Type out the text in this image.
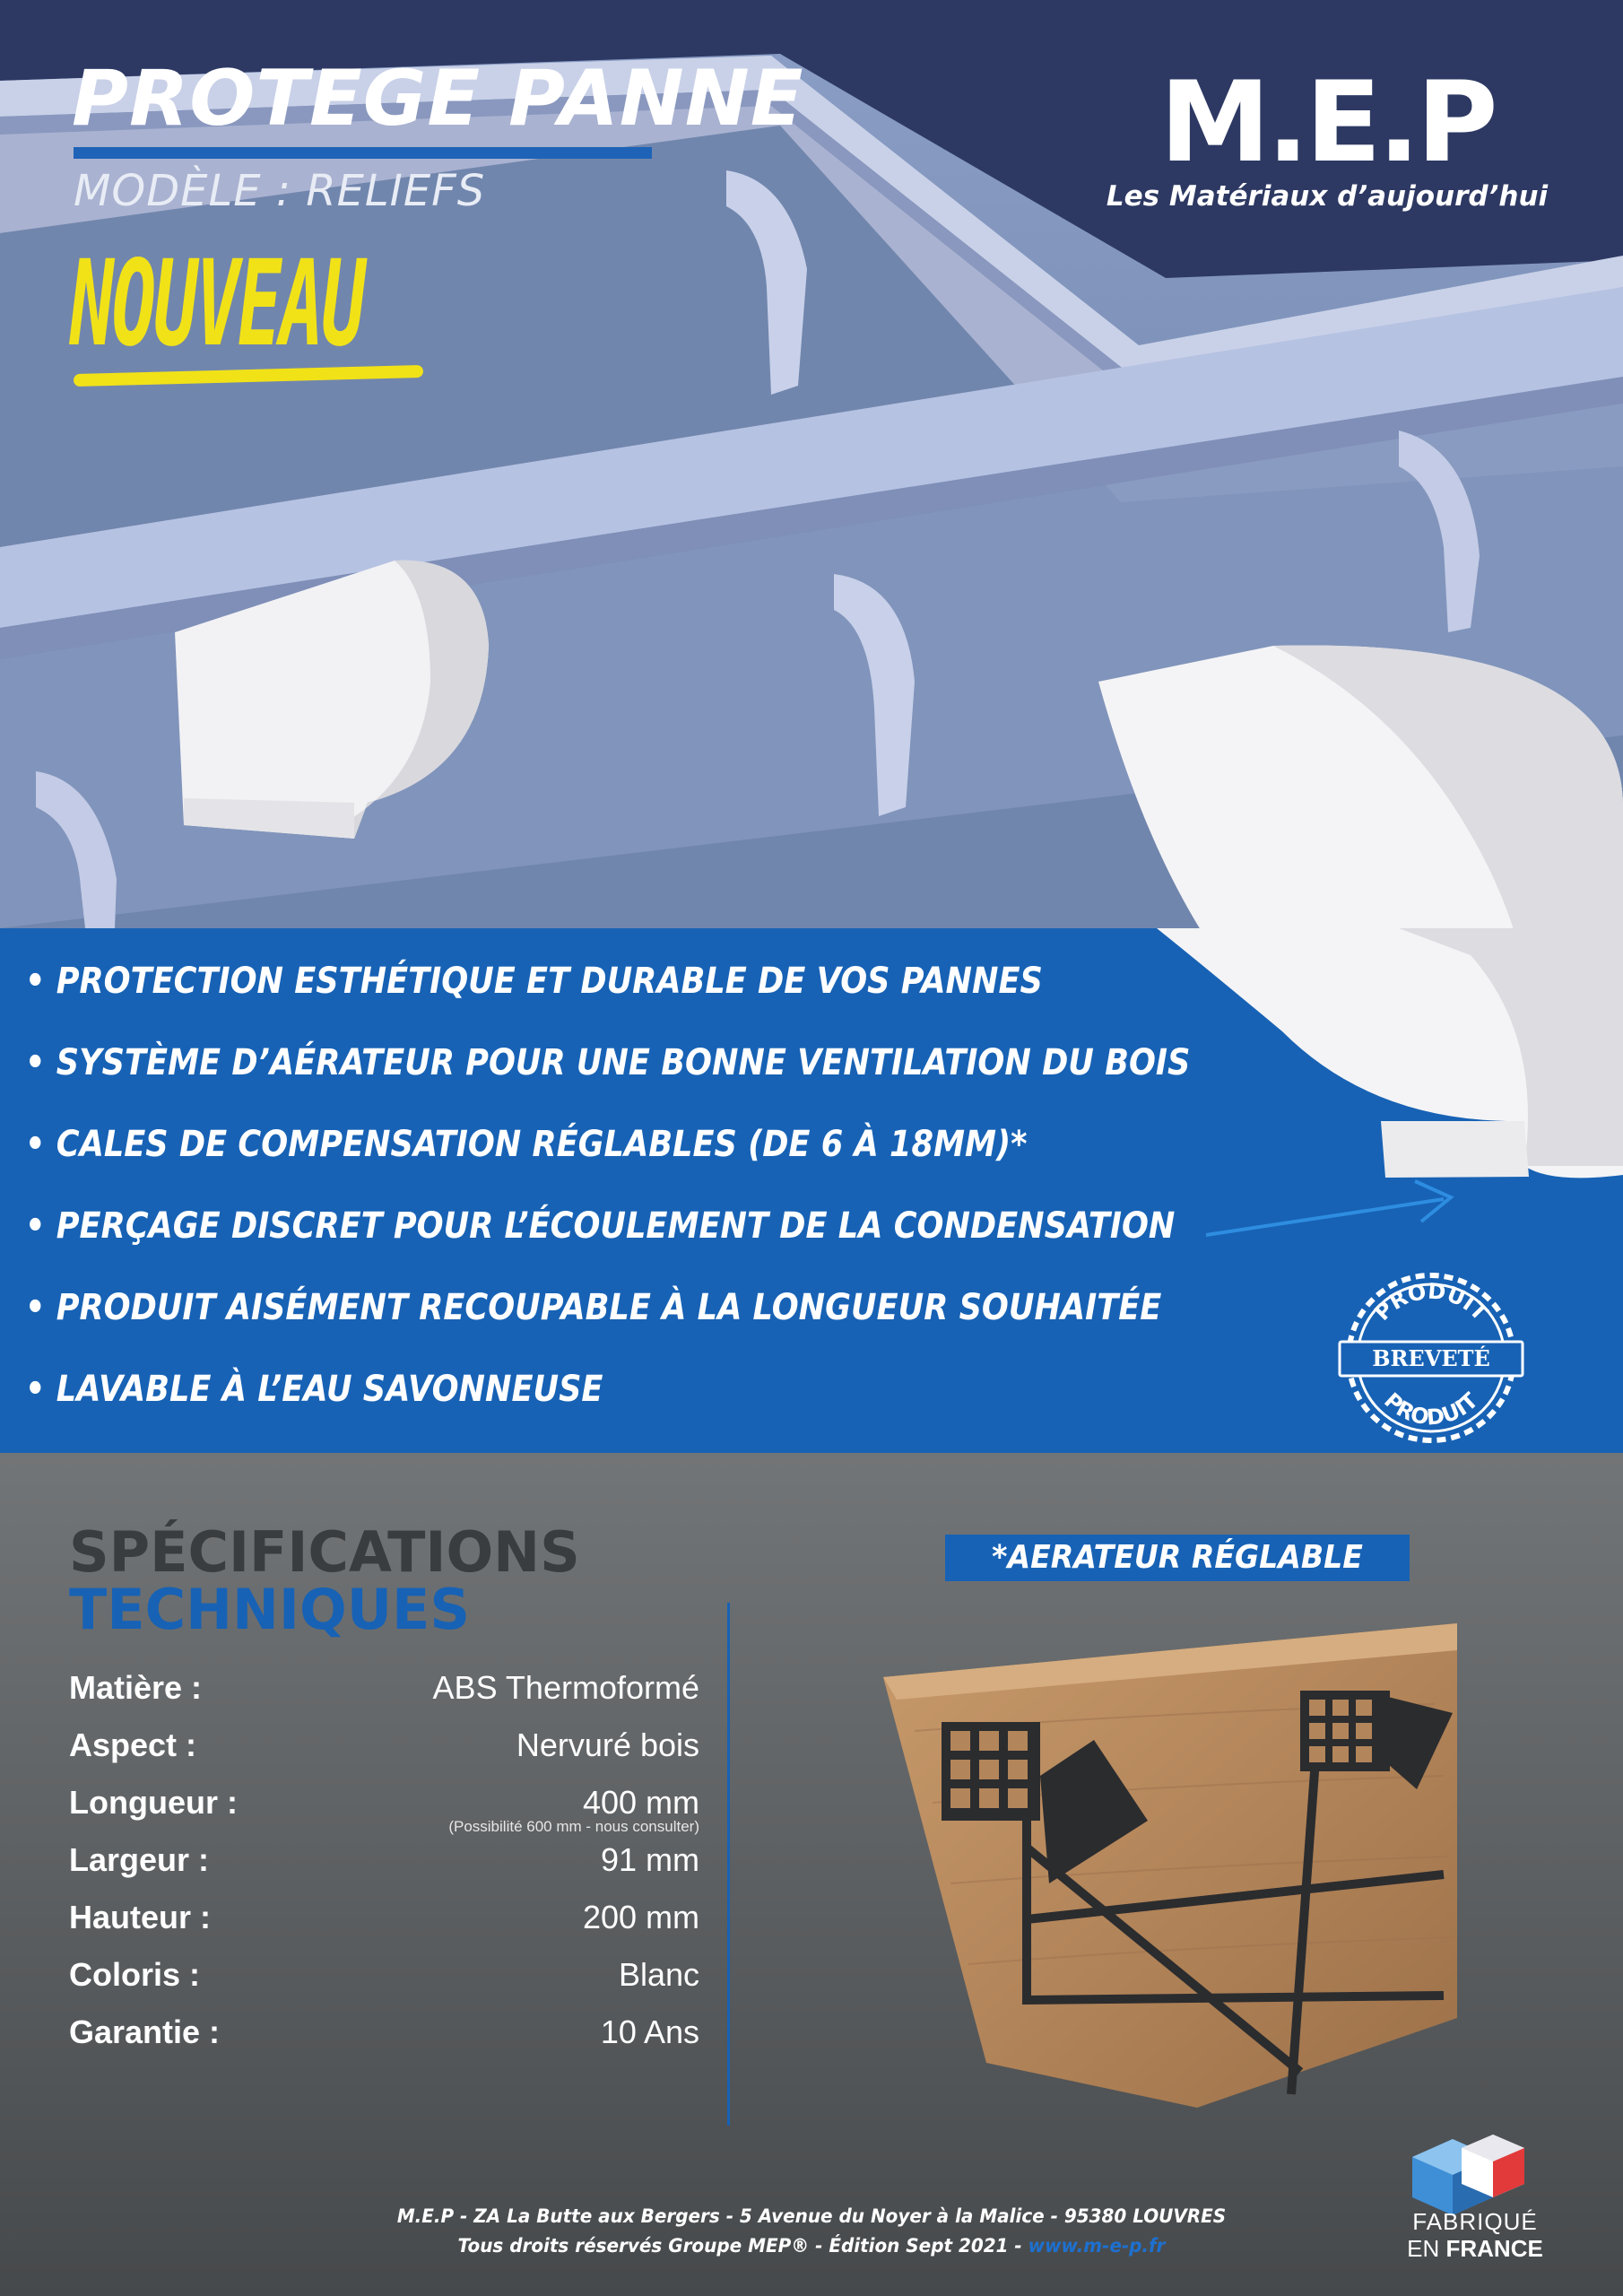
PROTEGE PANNE
MODÈLE : RELIEFS
NOUVEAU
M.E.P
Les Matériaux d’aujourd’hui
• PROTECTION ESTHÉTIQUE ET DURABLE DE VOS PANNES
• SYSTÈME D’AÉRATEUR POUR UNE BONNE VENTILATION DU BOIS
• CALES DE COMPENSATION RÉGLABLES (DE 6 À 18MM)*
• PERÇAGE DISCRET POUR L’ÉCOULEMENT DE LA CONDENSATION
• PRODUIT AISÉMENT RECOUPABLE À LA LONGUEUR SOUHAITÉE
• LAVABLE À L’EAU SAVONNEUSE
PRODUIT
BREVETÉ
PRODUIT
SPÉCIFICATIONS
TECHNIQUES
Matière :	ABS Thermoformé
Aspect :	Nervuré bois
Longueur :	400 mm
(Possibilité 600 mm - nous consulter)
Largeur :	91 mm
Hauteur :	200 mm
Coloris :	Blanc
Garantie :	10 Ans
*AERATEUR RÉGLABLE
M.E.P - ZA La Butte aux Bergers - 5 Avenue du Noyer à la Malice - 95380 LOUVRES
Tous droits réservés Groupe MEP® - Édition Sept 2021 - www.m-e-p.fr
FABRIQUÉ
EN FRANCE
